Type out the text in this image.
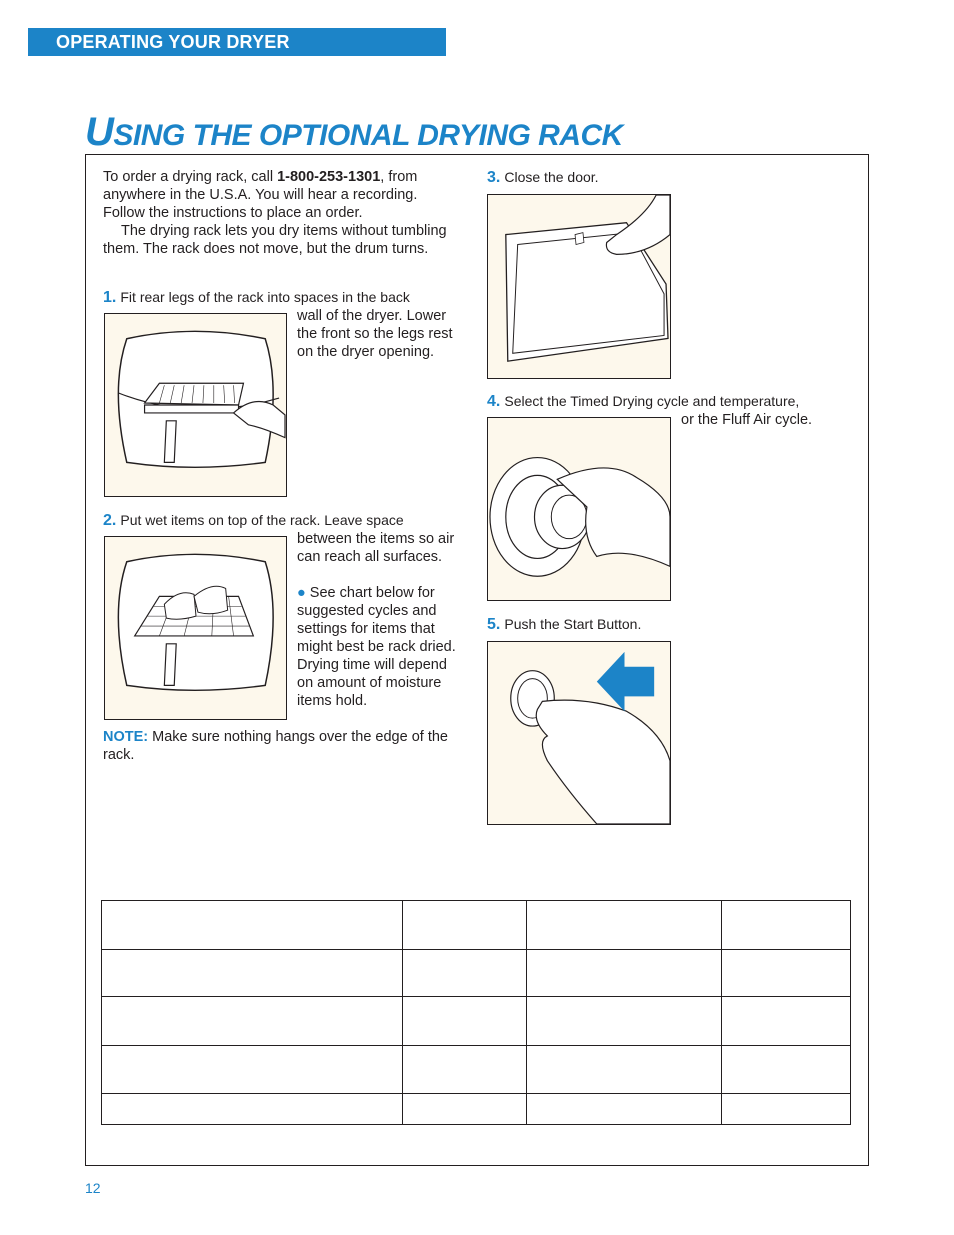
OPERATING YOUR DRYER
USING THE OPTIONAL DRYING RACK
To order a drying rack, call 1-800-253-1301, from anywhere in the U.S.A. You will hear a recording. Follow the instructions to place an order.
The drying rack lets you dry items without tumbling them. The rack does not move, but the drum turns.
1. Fit rear legs of the rack into spaces in the back
wall of the dryer. Lower the front so the legs rest on the dryer opening.
2. Put wet items on top of the rack. Leave space
between the items so air can reach all surfaces.
● See chart below for suggested cycles and settings for items that might best be rack dried. Drying time will depend on amount of moisture items hold.
NOTE: Make sure nothing hangs over the edge of the rack.
3. Close the door.
4. Select the Timed Drying cycle and temperature,
or the Fluff Air cycle.
5. Push the Start Button.

12
